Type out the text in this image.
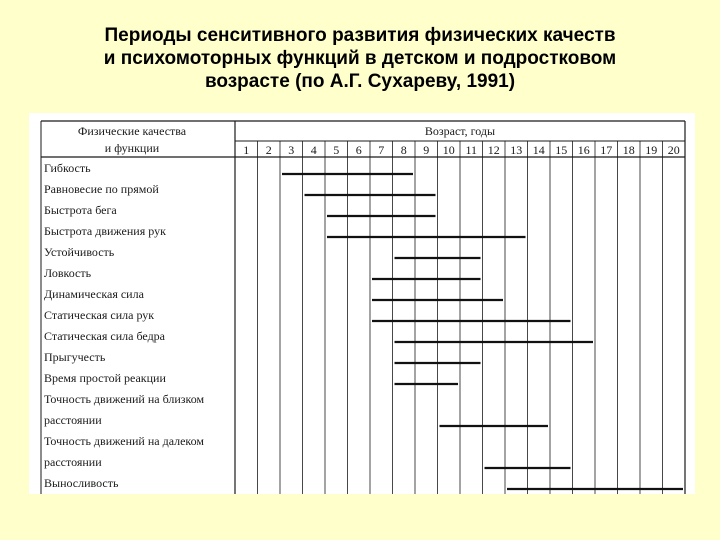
Периоды сенситивного развития физических качеств
и психомоторных функций в детском и подростковом
возрасте (по А.Г. Сухареву, 1991)
Физические качества
и функции
Возраст, годы
1 2 3 4 5 6 7 8 9 10 11 12 13 14 15 16 17 18 19 20
Гибкость
Равновесие по прямой
Быстрота бега
Быстрота движения рук
Устойчивость
Ловкость
Динамическая сила
Статическая сила рук
Статическая сила бедра
Прыгучесть
Время простой реакции
Точность движений на близком
расстоянии
Точность движений на далеком
расстоянии
Выносливость
